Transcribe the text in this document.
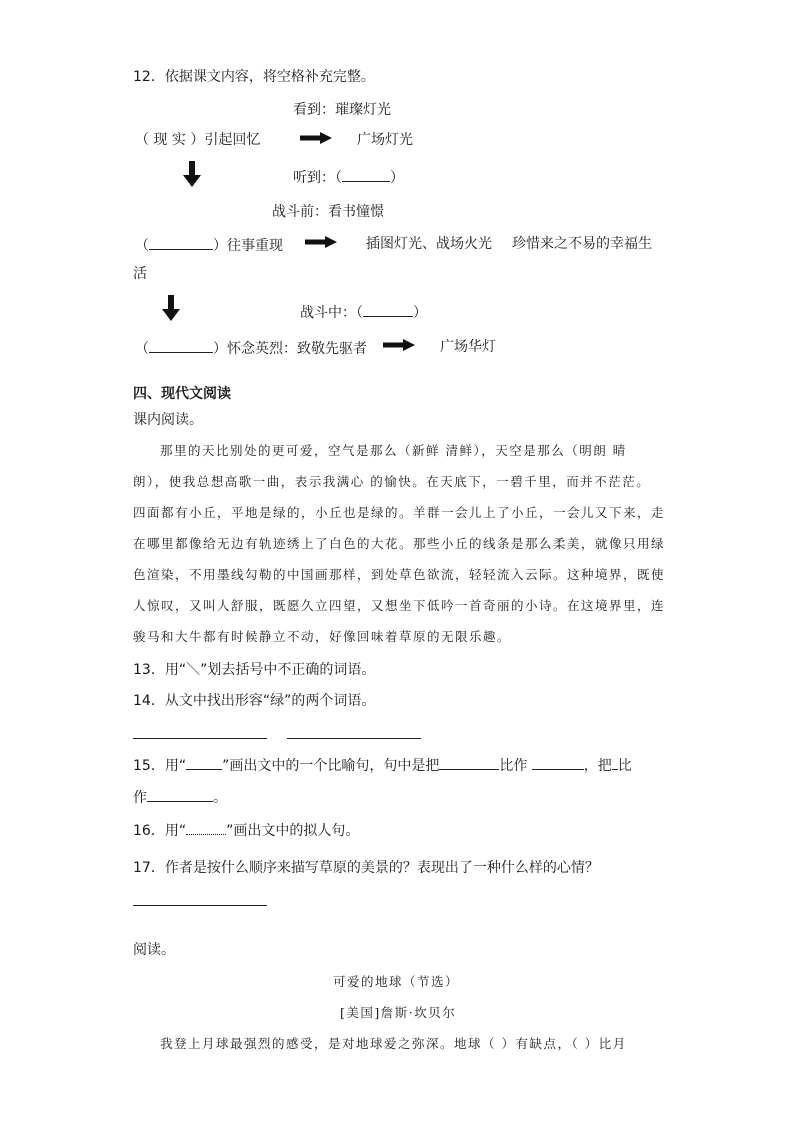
12．依据课文内容，将空格补充完整。
看到：璀璨灯光
（ 现 实 ）引起回忆	广场灯光
听到：（	）
战斗前：看书憧憬
（	）往事重现	插图灯光、战场火光 珍惜来之不易的幸福生
活
战斗中：（	）
（	）怀念英烈：致敬先驱者	广场华灯
四、现代文阅读
课内阅读。
那里的天比别处的更可爱，空气是那么（新鲜 清鲜），天空是那么（明朗 晴
朗），使我总想高歌一曲，表示我满心 的愉快。在天底下，一碧千里，而并不茫茫。
四面都有小丘，平地是绿的，小丘也是绿的。羊群一会儿上了小丘，一会儿又下来，走
在哪里都像给无边有轨迹绣上了白色的大花。那些小丘的线条是那么柔美，就像只用绿
色渲染，不用墨线勾勒的中国画那样，到处草色欲流，轻轻流入云际。这种境界，既使
人惊叹，又叫人舒服，既愿久立四望，又想坐下低吟一首奇丽的小诗。在这境界里，连
骏马和大牛都有时候静立不动，好像回味着草原的无限乐趣。
13．用“＼”划去括号中不正确的词语。
14．从文中找出形容“绿”的两个词语。
15．用“	”画出文中的一个比喻句，句中是把	比作	，把 比
作	。
16．用“	”画出文中的拟人句。
17．作者是按什么顺序来描写草原的美景的？表现出了一种什么样的心情？
阅读。
可爱的地球（节选）
[美国]詹斯·坎贝尔
我登上月球最强烈的感受，是对地球爱之弥深。地球（ ）有缺点，（ ）比月
